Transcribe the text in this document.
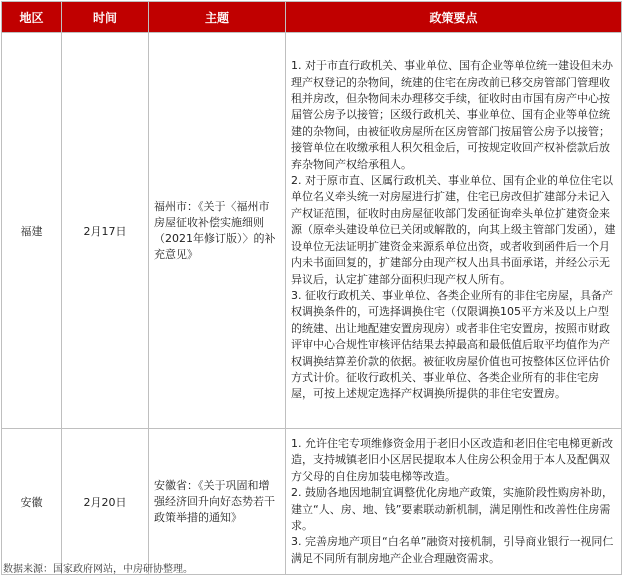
地区	时间	主题	政策要点
福建	2月17日	福州市：《关于〈福州市房屋征收补偿实施细则（2021年修订版）〉的补充意见》	1. 对于市直行政机关、事业单位、国有企业等单位统一建设但未办理产权登记的杂物间，统建的住宅在房改前已移交房管部门管理收租并房改，但杂物间未办理移交手续，征收时由市国有房产中心按届管公房予以接管；区级行政机关、事业单位、国有企业等单位统建的杂物间，由被征收房屋所在区房管部门按届管公房予以接管；接管单位在收缴承租人积欠租金后，可按规定收回产权补偿款后放弃杂物间产权给承租人。

2. 对于原市直、区属行政机关、事业单位、国有企业的单位住宅以单位名义牵头统一对房屋进行扩建，住宅已房改但扩建部分未记入产权证范围，征收时由房屋征收部门发函征询牵头单位扩建资金来源（原牵头建设单位已关闭或解散的，向其上级主管部门发函），建设单位无法证明扩建资金来源系单位出资，或者收到函件后一个月内未书面回复的，扩建部分由现产权人出具书面承诺，并经公示无异议后，认定扩建部分面积归现产权人所有。

3. 征收行政机关、事业单位、各类企业所有的非住宅房屋，具备产权调换条件的，可选择调换住宅（仅限调换105平方米及以上户型的统建、出让地配建安置房现房）或者非住宅安置房，按照市财政评审中心合规性审核评估结果去掉最高和最低值后取平均值作为产权调换结算差价款的依据。被征收房屋价值也可按整体区位评估价方式计价。征收行政机关、事业单位、各类企业所有的非住宅房屋，可按上述规定选择产权调换所提供的非住宅安置房。

安徽	2月20日	安徽省：《关于巩固和增强经济回升向好态势若干政策举措的通知》	1. 允许住宅专项维修资金用于老旧小区改造和老旧住宅电梯更新改造，支持城镇老旧小区居民提取本人住房公积金用于本人及配偶双方父母的自住房加装电梯等改造。

2. 鼓励各地因地制宜调整优化房地产政策，实施阶段性购房补助，建立“人、房、地、钱”要素联动新机制，满足刚性和改善性住房需求。

3. 完善房地产项目“白名单”融资对接机制，引导商业银行一视同仁满足不同所有制房地产企业合理融资需求。

数据来源：国家政府网站，中房研协整理。
